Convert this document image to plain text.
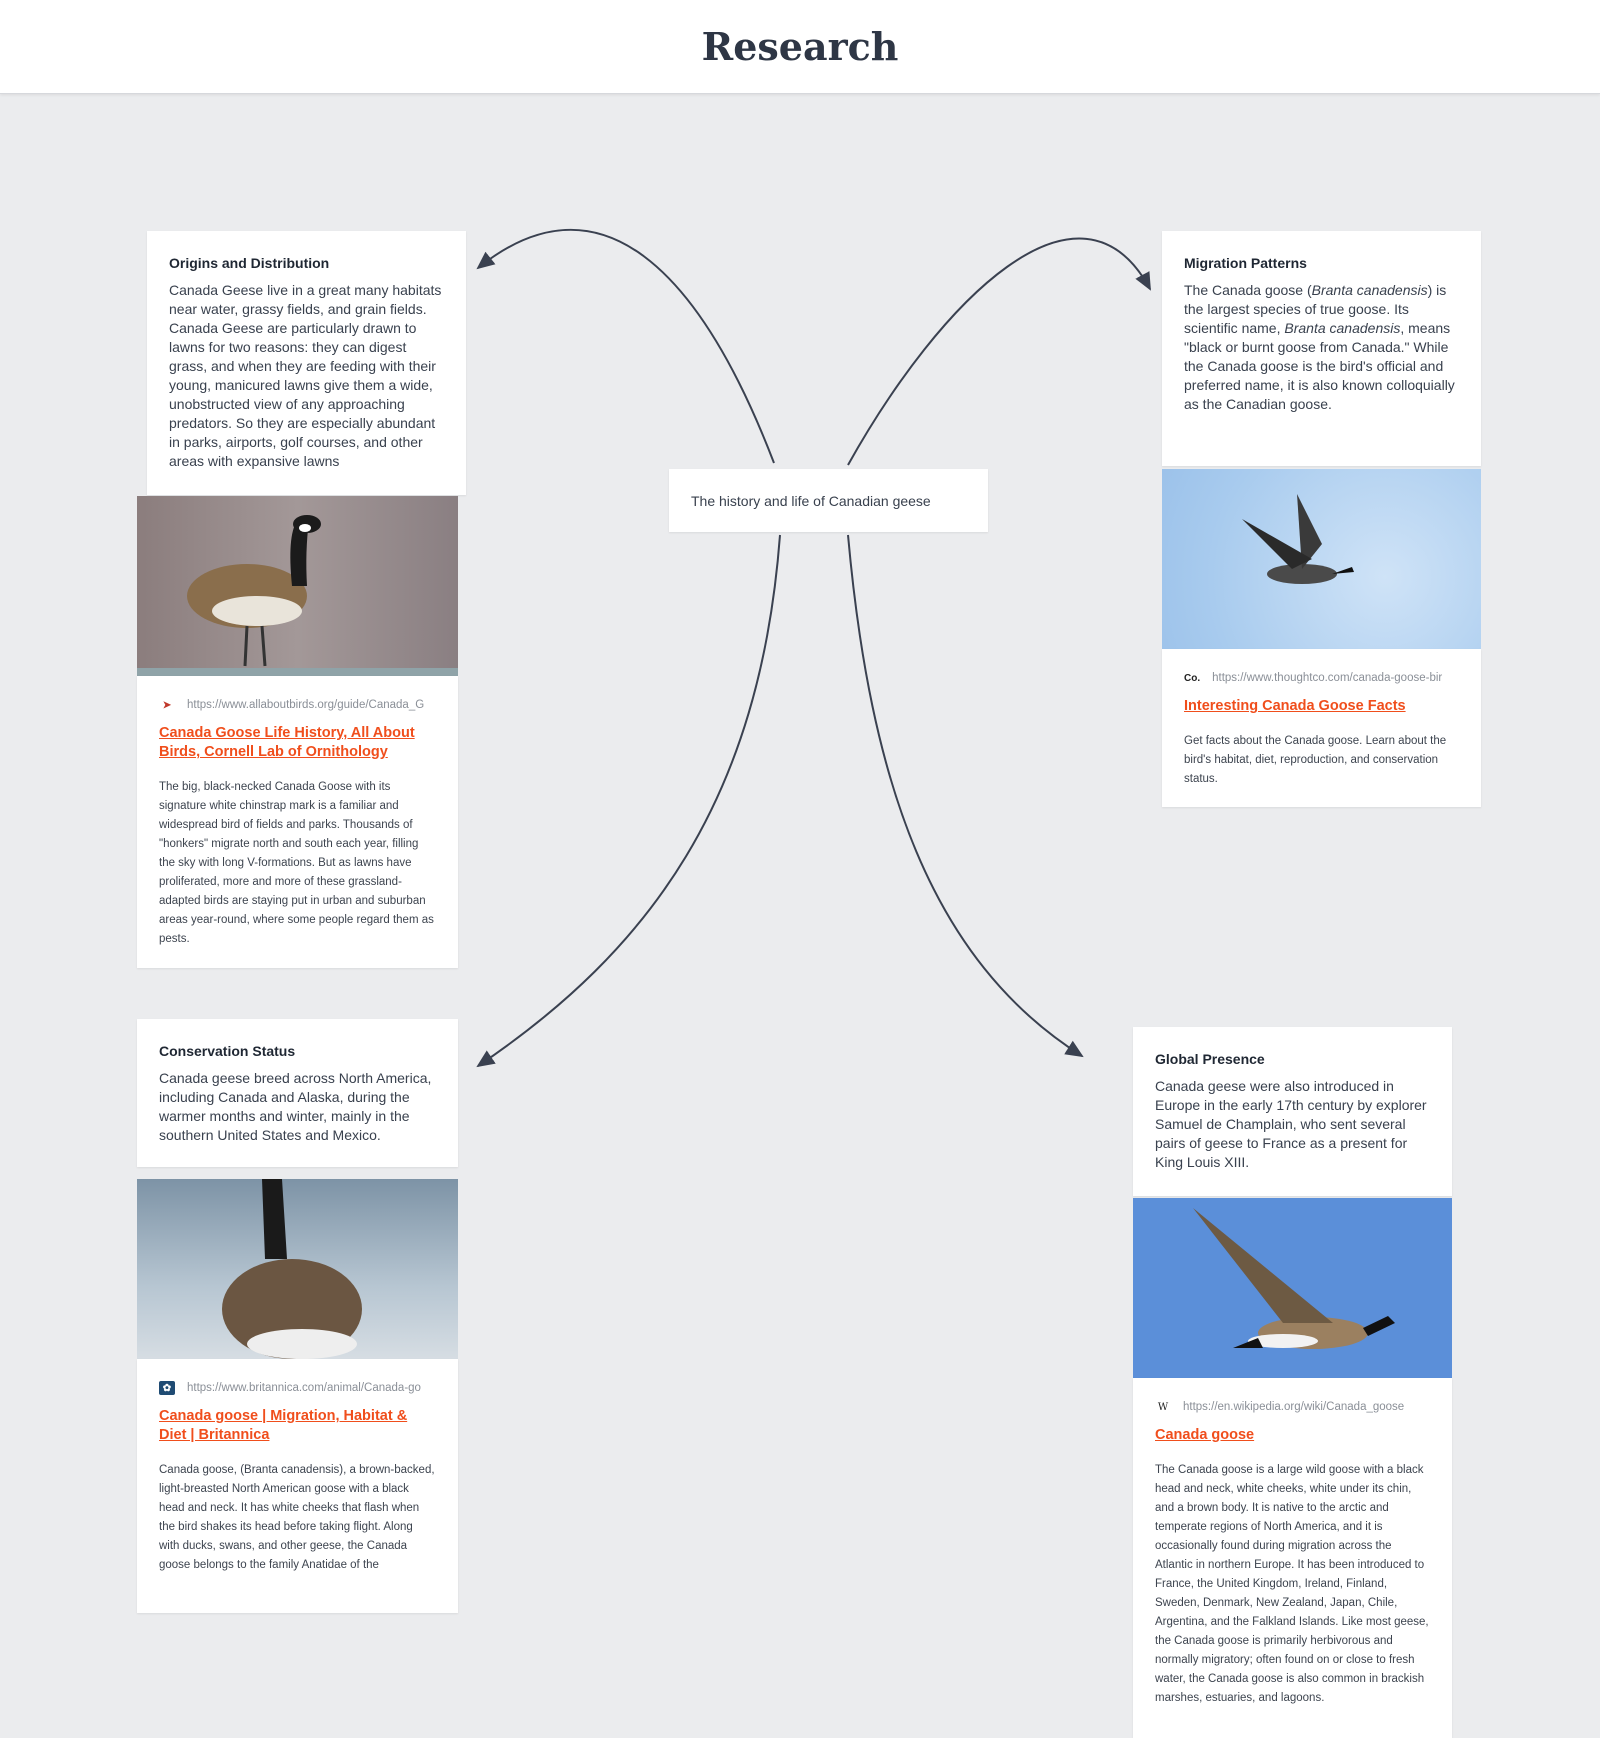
Research
The history and life of Canadian geese
Origins and Distribution

Canada Geese live in a great many habitats near water, grassy fields, and grain fields. Canada Geese are particularly drawn to lawns for two reasons: they can digest grass, and when they are feeding with their young, manicured lawns give them a wide, unobstructed view of any approaching predators. So they are especially abundant in parks, airports, golf courses, and other areas with expansive lawns

➤	https://www.allaboutbirds.org/guide/Canada_G
Canada Goose Life History, All About Birds, Cornell Lab of Ornithology

The big, black-necked Canada Goose with its signature white chinstrap mark is a familiar and widespread bird of fields and parks. Thousands of "honkers" migrate north and south each year, filling the sky with long V-formations. But as lawns have proliferated, more and more of these grassland-adapted birds are staying put in urban and suburban areas year-round, where some people regard them as pests.

Migration Patterns

The Canada goose (Branta canadensis) is the largest species of true goose. Its scientific name, Branta canadensis, means "black or burnt goose from Canada." While the Canada goose is the bird's official and preferred name, it is also known colloquially as the Canadian goose.

Co. https://www.thoughtco.com/canada-goose-bir
Interesting Canada Goose Facts

Get facts about the Canada goose. Learn about the bird's habitat, diet, reproduction, and conservation status.

Conservation Status

Canada geese breed across North America, including Canada and Alaska, during the warmer months and winter, mainly in the southern United States and Mexico.

✿	https://www.britannica.com/animal/Canada-go
Canada goose | Migration, Habitat & Diet | Britannica

Canada goose, (Branta canadensis), a brown-backed, light-breasted North American goose with a black head and neck. It has white cheeks that flash when the bird shakes its head before taking flight. Along with ducks, swans, and other geese, the Canada goose belongs to the family Anatidae of the

Global Presence

Canada geese were also introduced in Europe in the early 17th century by explorer Samuel de Champlain, who sent several pairs of geese to France as a present for King Louis XIII.

W https://en.wikipedia.org/wiki/Canada_goose
Canada goose

The Canada goose is a large wild goose with a black head and neck, white cheeks, white under its chin, and a brown body. It is native to the arctic and temperate regions of North America, and it is occasionally found during migration across the Atlantic in northern Europe. It has been introduced to France, the United Kingdom, Ireland, Finland, Sweden, Denmark, New Zealand, Japan, Chile, Argentina, and the Falkland Islands. Like most geese, the Canada goose is primarily herbivorous and normally migratory; often found on or close to fresh water, the Canada goose is also common in brackish marshes, estuaries, and lagoons.
